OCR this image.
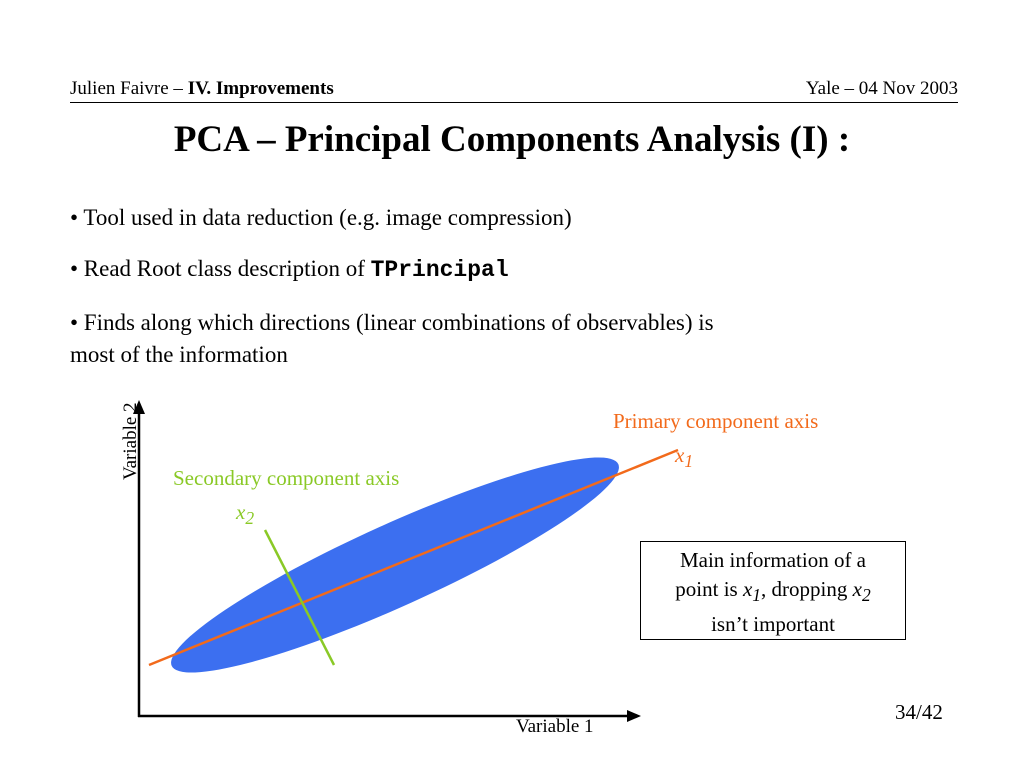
Julien Faivre – IV. Improvements	Yale – 04 Nov 2003
PCA – Principal Components Analysis (I) :
• Tool used in data reduction (e.g. image compression)
• Read Root class description of TPrincipal
• Finds along which directions (linear combinations of observables) is
most of the information
Primary component axis
$x_1$
Secondary component axis
$x_2$
Variable 2
Variable 1
Main information of a
point is $x_1$, dropping $x_2$
isn’t important
34/42
